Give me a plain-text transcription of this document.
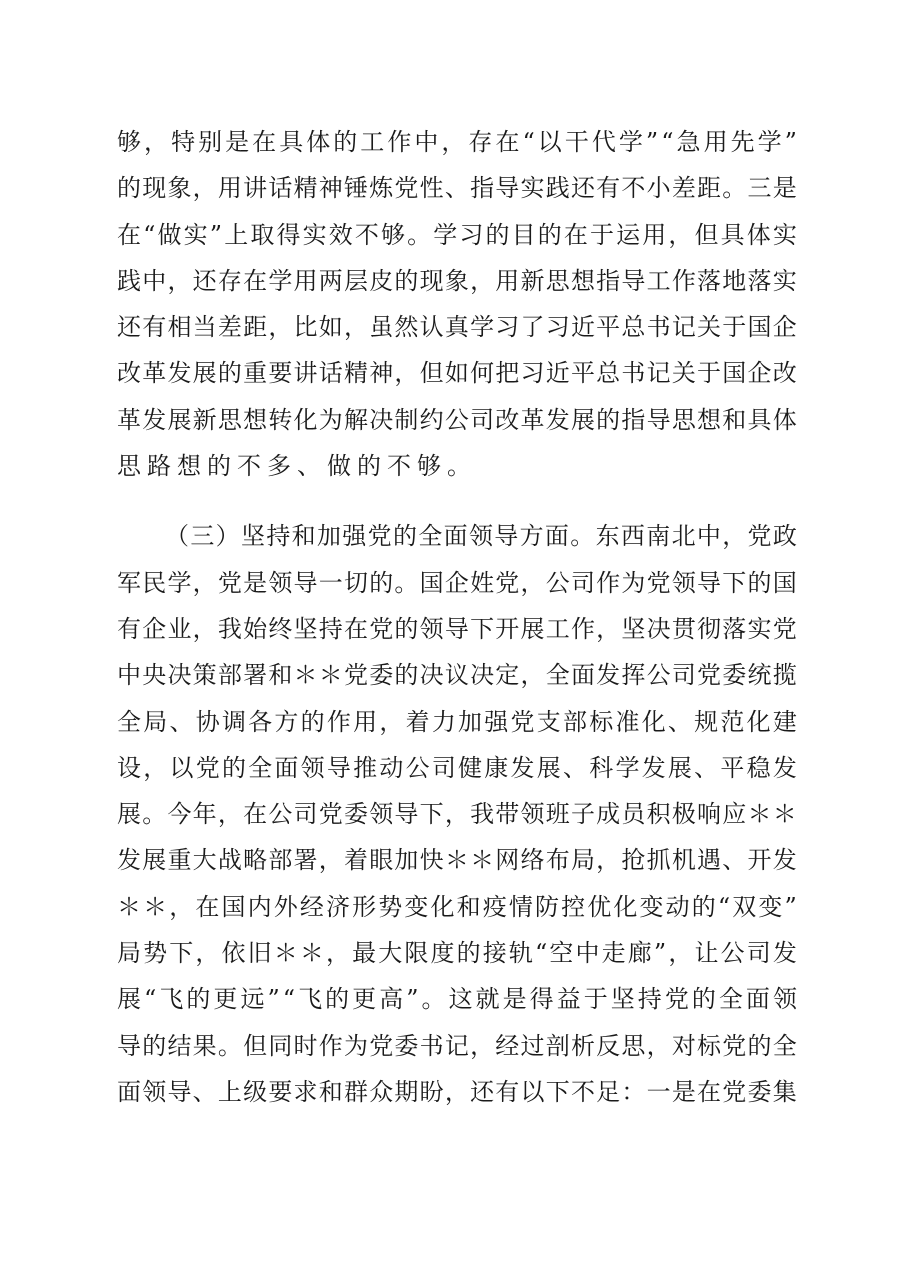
够 ， 特 别 是 在 具 体 的 工 作 中 ， 存 在 “ 以 干 代 学 ” “ 急 用 先 学 ”
的 现 象 ， 用 讲 话 精 神 锤 炼 党 性 、 指 导 实 践 还 有 不 小 差 距 。 三 是
在 “ 做 实 ” 上 取 得 实 效 不 够 。 学 习 的 目 的 在 于 运 用 ， 但 具 体 实
践 中 ， 还 存 在 学 用 两 层 皮 的 现 象 ， 用 新 思 想 指 导 工 作 落 地 落 实
还 有 相 当 差 距 ， 比 如 ， 虽 然 认 真 学 习 了 习 近 平 总 书 记 关 于 国 企
改 革 发 展 的 重 要 讲 话 精 神 ， 但 如 何 把 习 近 平 总 书 记 关 于 国 企 改
革 发 展 新 思 想 转 化 为 解 决 制 约 公 司 改 革 发 展 的 指 导 思 想 和 具 体
思 路 想 的 不 多 、 做 的 不 够 。
（ 三 ） 坚 持 和 加 强 党 的 全 面 领 导 方 面 。 东 西 南 北 中 ， 党 政
军 民 学 ， 党 是 领 导 一 切 的 。 国 企 姓 党 ， 公 司 作 为 党 领 导 下 的 国
有 企 业 ， 我 始 终 坚 持 在 党 的 领 导 下 开 展 工 作 ， 坚 决 贯 彻 落 实 党
中 央 决 策 部 署 和 ＊ ＊ 党 委 的 决 议 决 定 ， 全 面 发 挥 公 司 党 委 统 揽
全 局 、 协 调 各 方 的 作 用 ， 着 力 加 强 党 支 部 标 准 化 、 规 范 化 建
设 ， 以 党 的 全 面 领 导 推 动 公 司 健 康 发 展 、 科 学 发 展 、 平 稳 发
展 。 今 年 ， 在 公 司 党 委 领 导 下 ， 我 带 领 班 子 成 员 积 极 响 应 ＊ ＊
发 展 重 大 战 略 部 署 ， 着 眼 加 快 ＊ ＊ 网 络 布 局 ， 抢 抓 机 遇 、 开 发
＊ ＊ ， 在 国 内 外 经 济 形 势 变 化 和 疫 情 防 控 优 化 变 动 的 “ 双 变 ”
局 势 下 ， 依 旧 ＊ ＊ ， 最 大 限 度 的 接 轨 “ 空 中 走 廊 ” ， 让 公 司 发
展 “ 飞 的 更 远 ” “ 飞 的 更 高 ” 。 这 就 是 得 益 于 坚 持 党 的 全 面 领
导 的 结 果 。 但 同 时 作 为 党 委 书 记 ， 经 过 剖 析 反 思 ， 对 标 党 的 全
面 领 导 、 上 级 要 求 和 群 众 期 盼 ， 还 有 以 下 不 足 ： 一 是 在 党 委 集
